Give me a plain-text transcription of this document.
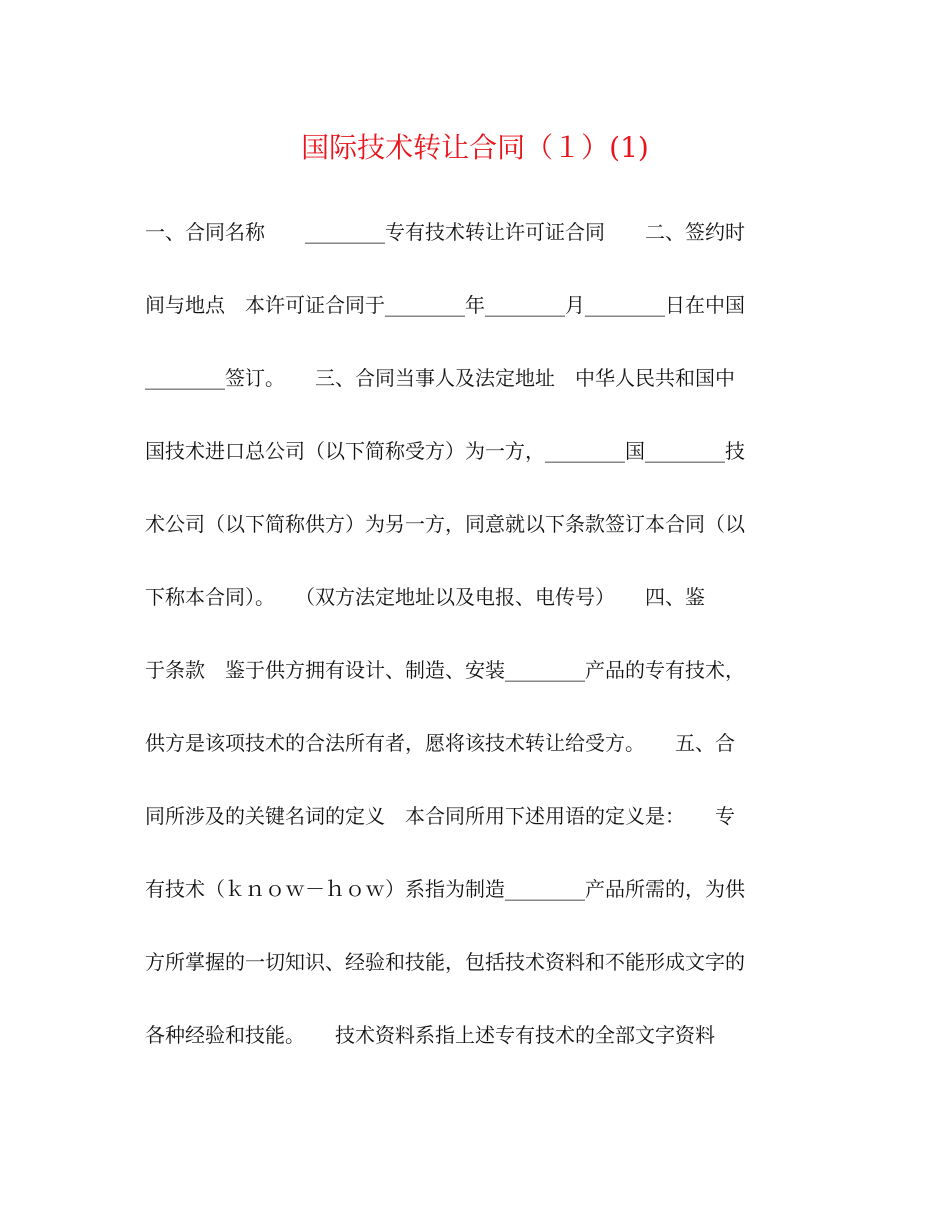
国际技术转让合同（１）(1)
一、合同名称　　________专有技术转让许可证合同　　二、签约时
间与地点　本许可证合同于________年________月________日在中国
________签订。　　三、合同当事人及法定地址　中华人民共和国中
国技术进口总公司（以下简称受方）为一方，________国________技
术公司（以下简称供方）为另一方，同意就以下条款签订本合同（以
下称本合同）。　　（双方法定地址以及电报、电传号）　　四、鉴
于条款　鉴于供方拥有设计、制造、安装________产品的专有技术，
供方是该项技术的合法所有者，愿将该技术转让给受方。　　五、合
同所涉及的关键名词的定义　本合同所用下述用语的定义是：　　专
有技术（ｋｎｏｗ－ｈｏｗ）系指为制造________产品所需的，为供
方所掌握的一切知识、经验和技能，包括技术资料和不能形成文字的
各种经验和技能。　　技术资料系指上述专有技术的全部文字资料
